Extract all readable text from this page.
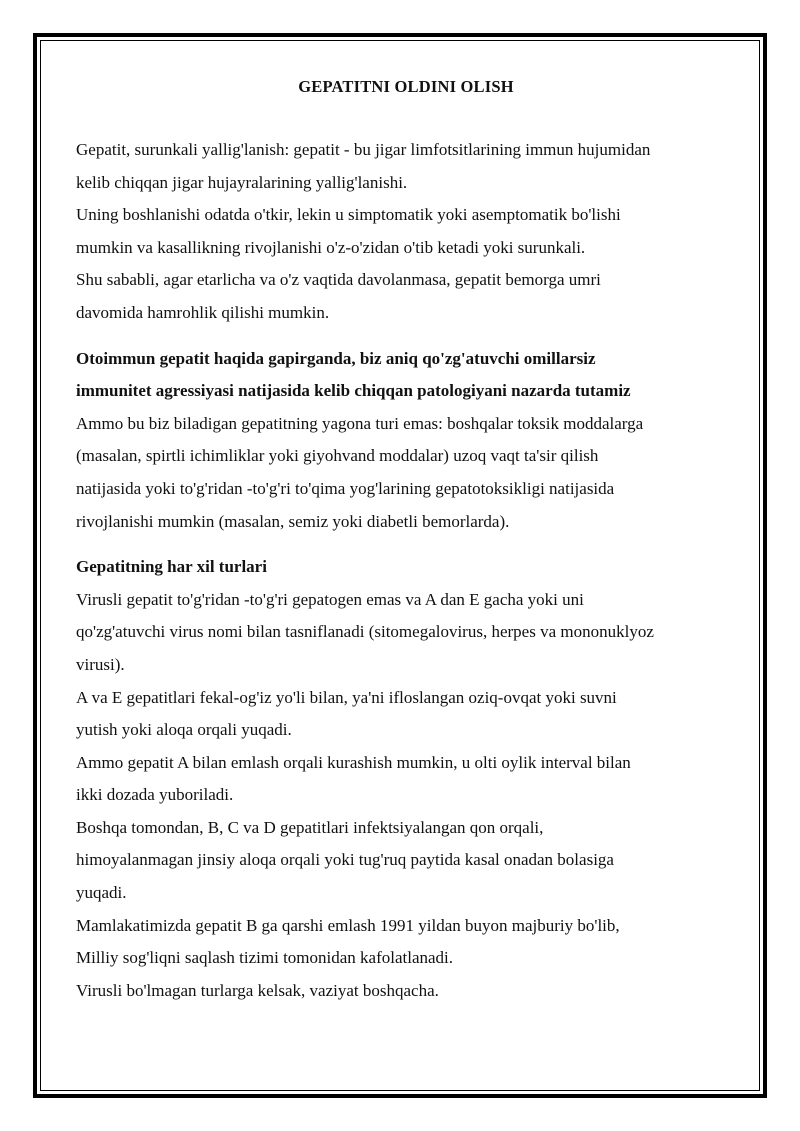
GEPATITNI OLDINI OLISH

Gepatit, surunkali yallig'lanish: gepatit - bu jigar limfotsitlarining immun hujumidan

kelib chiqqan jigar hujayralarining yallig'lanishi.

Uning boshlanishi odatda o'tkir, lekin u simptomatik yoki asemptomatik bo'lishi

mumkin va kasallikning rivojlanishi o'z-o'zidan o'tib ketadi yoki surunkali.

Shu sababli, agar etarlicha va o'z vaqtida davolanmasa, gepatit bemorga umri

davomida hamrohlik qilishi mumkin.

Otoimmun gepatit haqida gapirganda, biz aniq qo'zg'atuvchi omillarsiz

immunitet agressiyasi natijasida kelib chiqqan patologiyani nazarda tutamiz

Ammo bu biz biladigan gepatitning yagona turi emas: boshqalar toksik moddalarga

(masalan, spirtli ichimliklar yoki giyohvand moddalar) uzoq vaqt ta'sir qilish

natijasida yoki to'g'ridan -to'g'ri to'qima yog'larining gepatotoksikligi natijasida

rivojlanishi mumkin (masalan, semiz yoki diabetli bemorlarda).

Gepatitning har xil turlari

Virusli gepatit to'g'ridan -to'g'ri gepatogen emas va A dan E gacha yoki uni

qo'zg'atuvchi virus nomi bilan tasniflanadi (sitomegalovirus, herpes va mononuklyoz

virusi).

A va E gepatitlari fekal-og'iz yo'li bilan, ya'ni ifloslangan oziq-ovqat yoki suvni

yutish yoki aloqa orqali yuqadi.

Ammo gepatit A bilan emlash orqali kurashish mumkin, u olti oylik interval bilan

ikki dozada yuboriladi.

Boshqa tomondan, B, C va D gepatitlari infektsiyalangan qon orqali,

himoyalanmagan jinsiy aloqa orqali yoki tug'ruq paytida kasal onadan bolasiga

yuqadi.

Mamlakatimizda gepatit B ga qarshi emlash 1991 yildan buyon majburiy bo'lib,

Milliy sog'liqni saqlash tizimi tomonidan kafolatlanadi.

Virusli bo'lmagan turlarga kelsak, vaziyat boshqacha.
